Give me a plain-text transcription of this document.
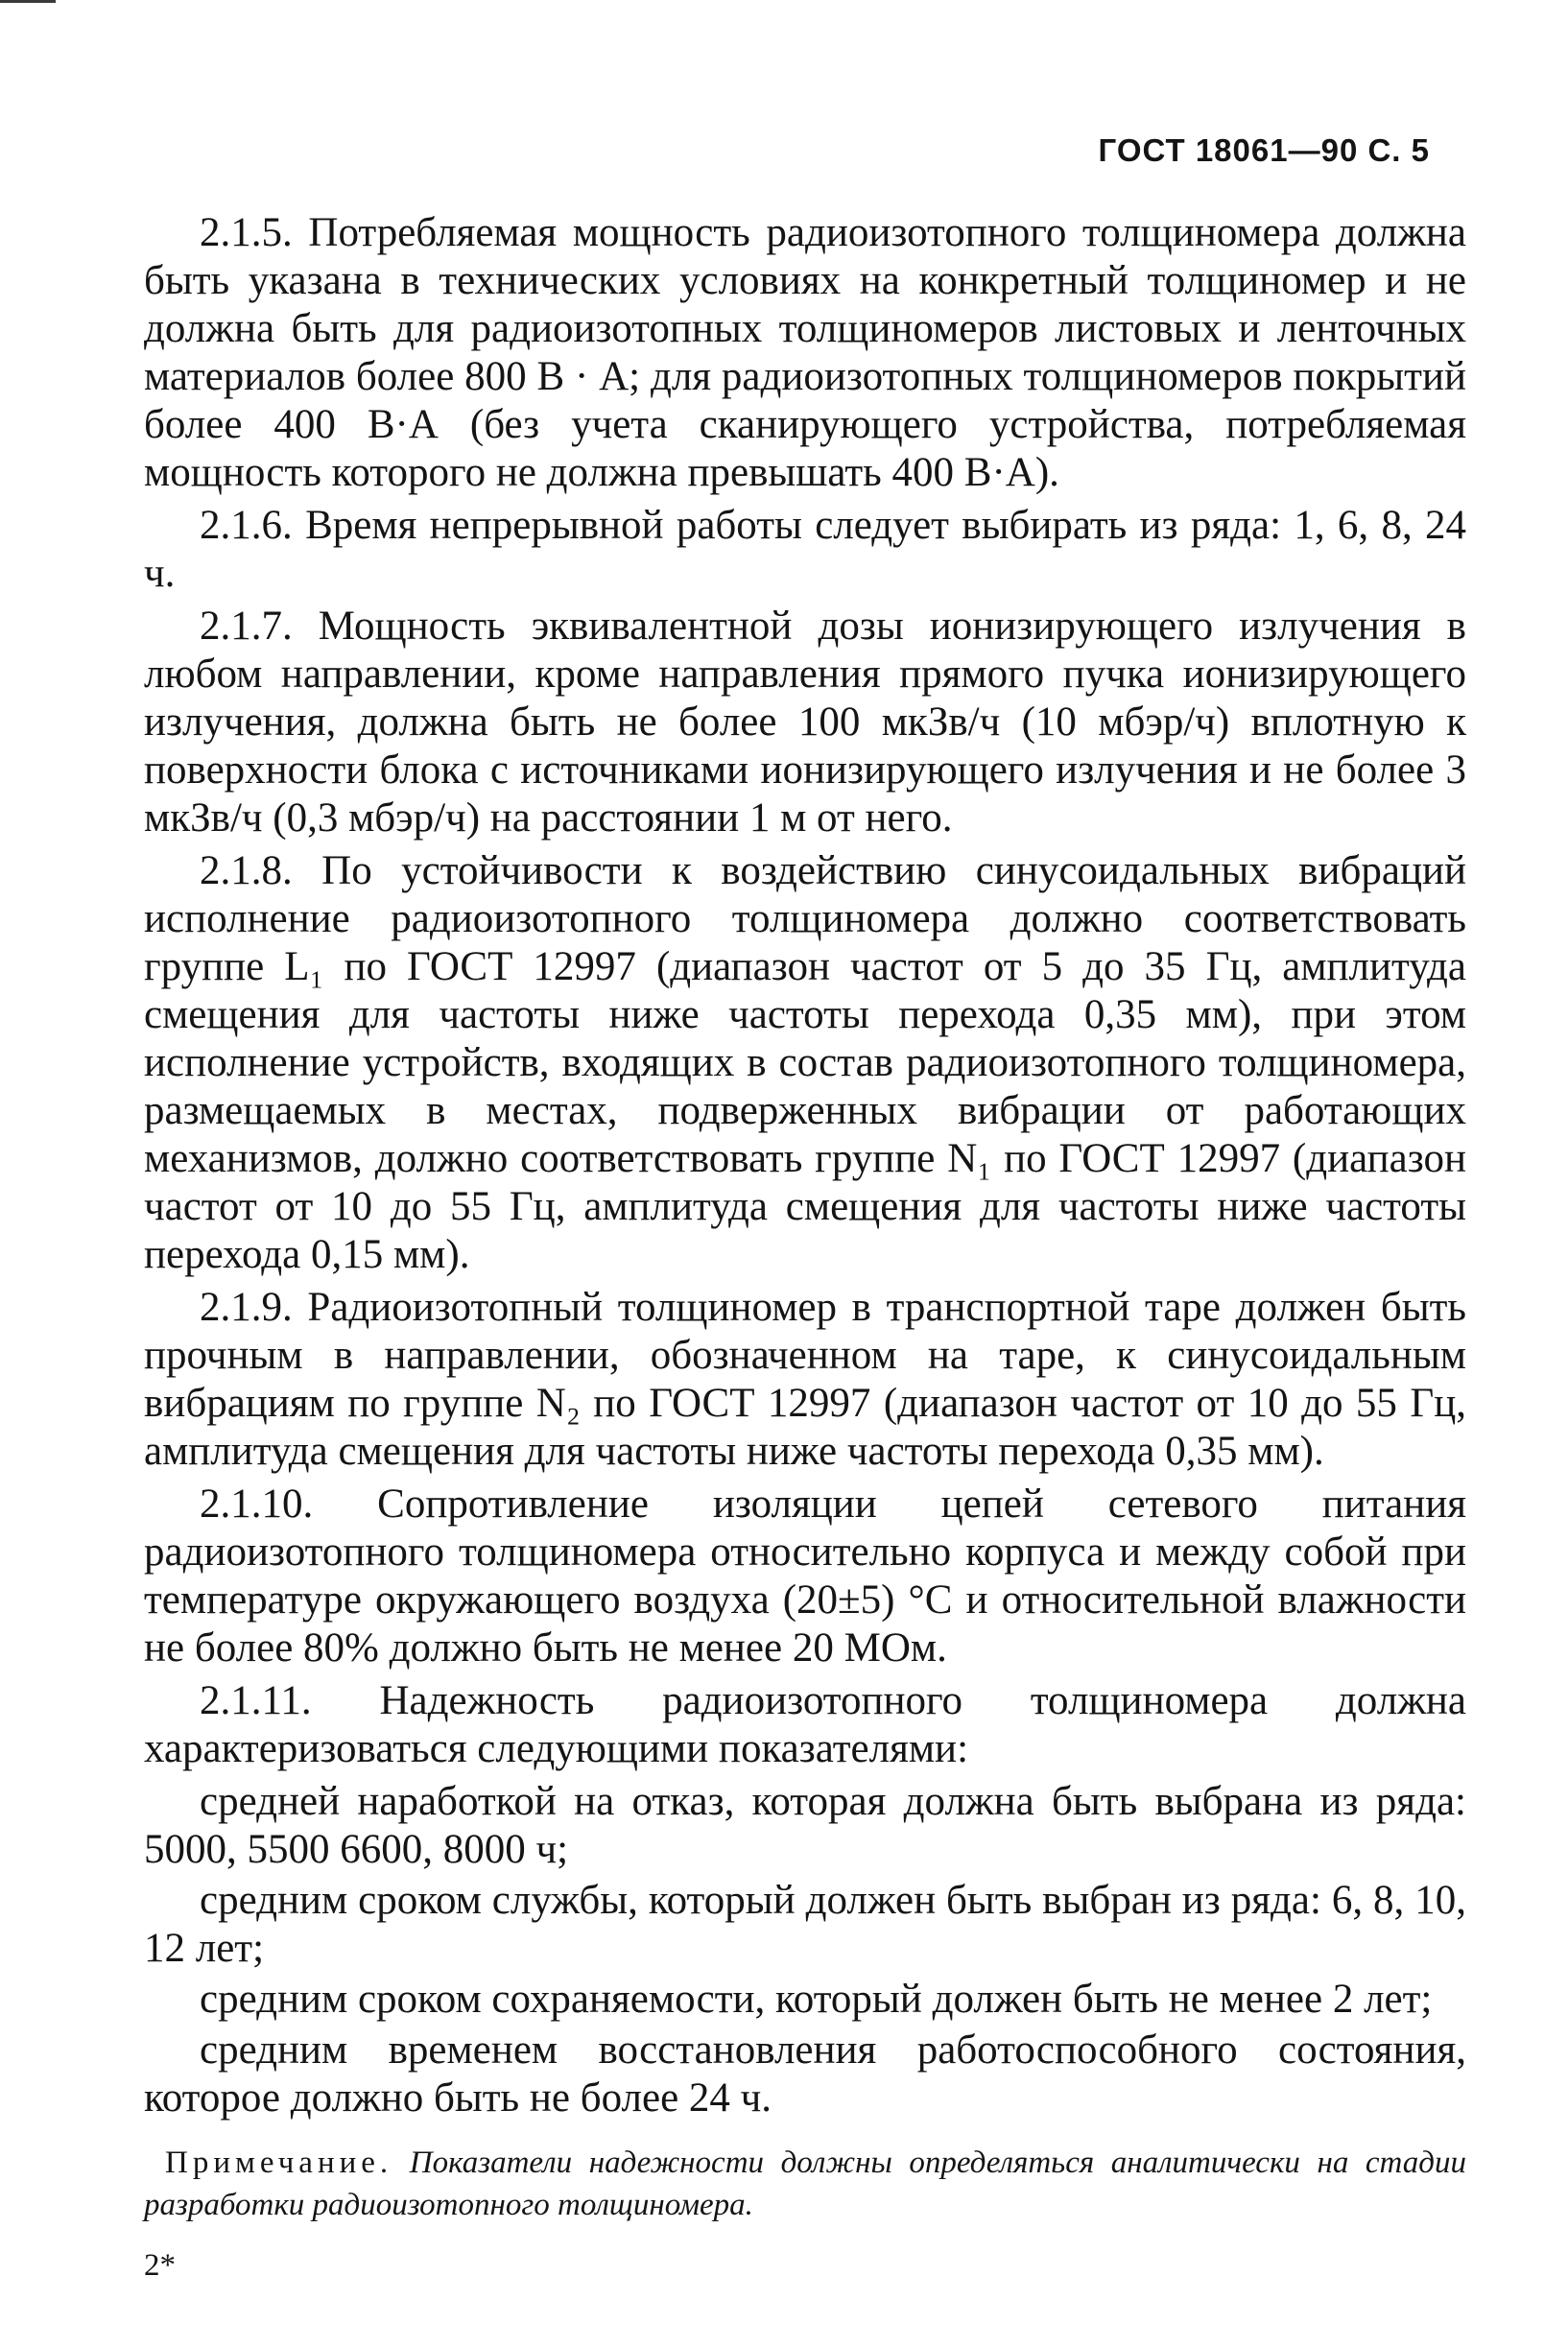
ГОСТ 18061—90 С. 5

2.1.5. Потребляемая мощность радиоизотопного толщиномера должна быть указана в технических условиях на конкретный толщиномер и не должна быть для радиоизотопных толщиномеров листовых и ленточных материалов более 800 В · А; для радиоизотопных толщиномеров покрытий более 400 В·А (без учета сканирующего устройства, потребляемая мощность которого не должна превышать 400 В·А).

2.1.6. Время непрерывной работы следует выбирать из ряда: 1, 6, 8, 24 ч.

2.1.7. Мощность эквивалентной дозы ионизирующего излучения в любом направлении, кроме направления прямого пучка ионизирующего излучения, должна быть не более 100 мкЗв/ч (10 мбэр/ч) вплотную к поверхности блока с источниками ионизирующего излучения и не более 3 мкЗв/ч (0,3 мбэр/ч) на расстоянии 1 м от него.

2.1.8. По устойчивости к воздействию синусоидальных вибраций исполнение радиоизотопного толщиномера должно соответствовать группе L₁ по ГОСТ 12997 (диапазон частот от 5 до 35 Гц, амплитуда смещения для частоты ниже частоты перехода 0,35 мм), при этом исполнение устройств, входящих в состав радиоизотопного толщиномера, размещаемых в местах, подверженных вибрации от работающих механизмов, должно соответствовать группе N₁ по ГОСТ 12997 (диапазон частот от 10 до 55 Гц, амплитуда смещения для частоты ниже частоты перехода 0,15 мм).

2.1.9. Радиоизотопный толщиномер в транспортной таре должен быть прочным в направлении, обозначенном на таре, к синусоидальным вибрациям по группе N₂ по ГОСТ 12997 (диапазон частот от 10 до 55 Гц, амплитуда смещения для частоты ниже частоты перехода 0,35 мм).

2.1.10. Сопротивление изоляции цепей сетевого питания радиоизотопного толщиномера относительно корпуса и между собой при температуре окружающего воздуха (20±5) °С и относительной влажности не более 80% должно быть не менее 20 МОм.

2.1.11. Надежность радиоизотопного толщиномера должна характеризоваться следующими показателями:

средней наработкой на отказ, которая должна быть выбрана из ряда: 5000, 5500 6600, 8000 ч;

средним сроком службы, который должен быть выбран из ряда: 6, 8, 10, 12 лет;

средним сроком сохраняемости, который должен быть не менее 2 лет;

средним временем восстановления работоспособного состояния, которое должно быть не более 24 ч.

Примечание. Показатели надежности должны определяться аналитически на стадии разработки радиоизотопного толщиномера.

2*
